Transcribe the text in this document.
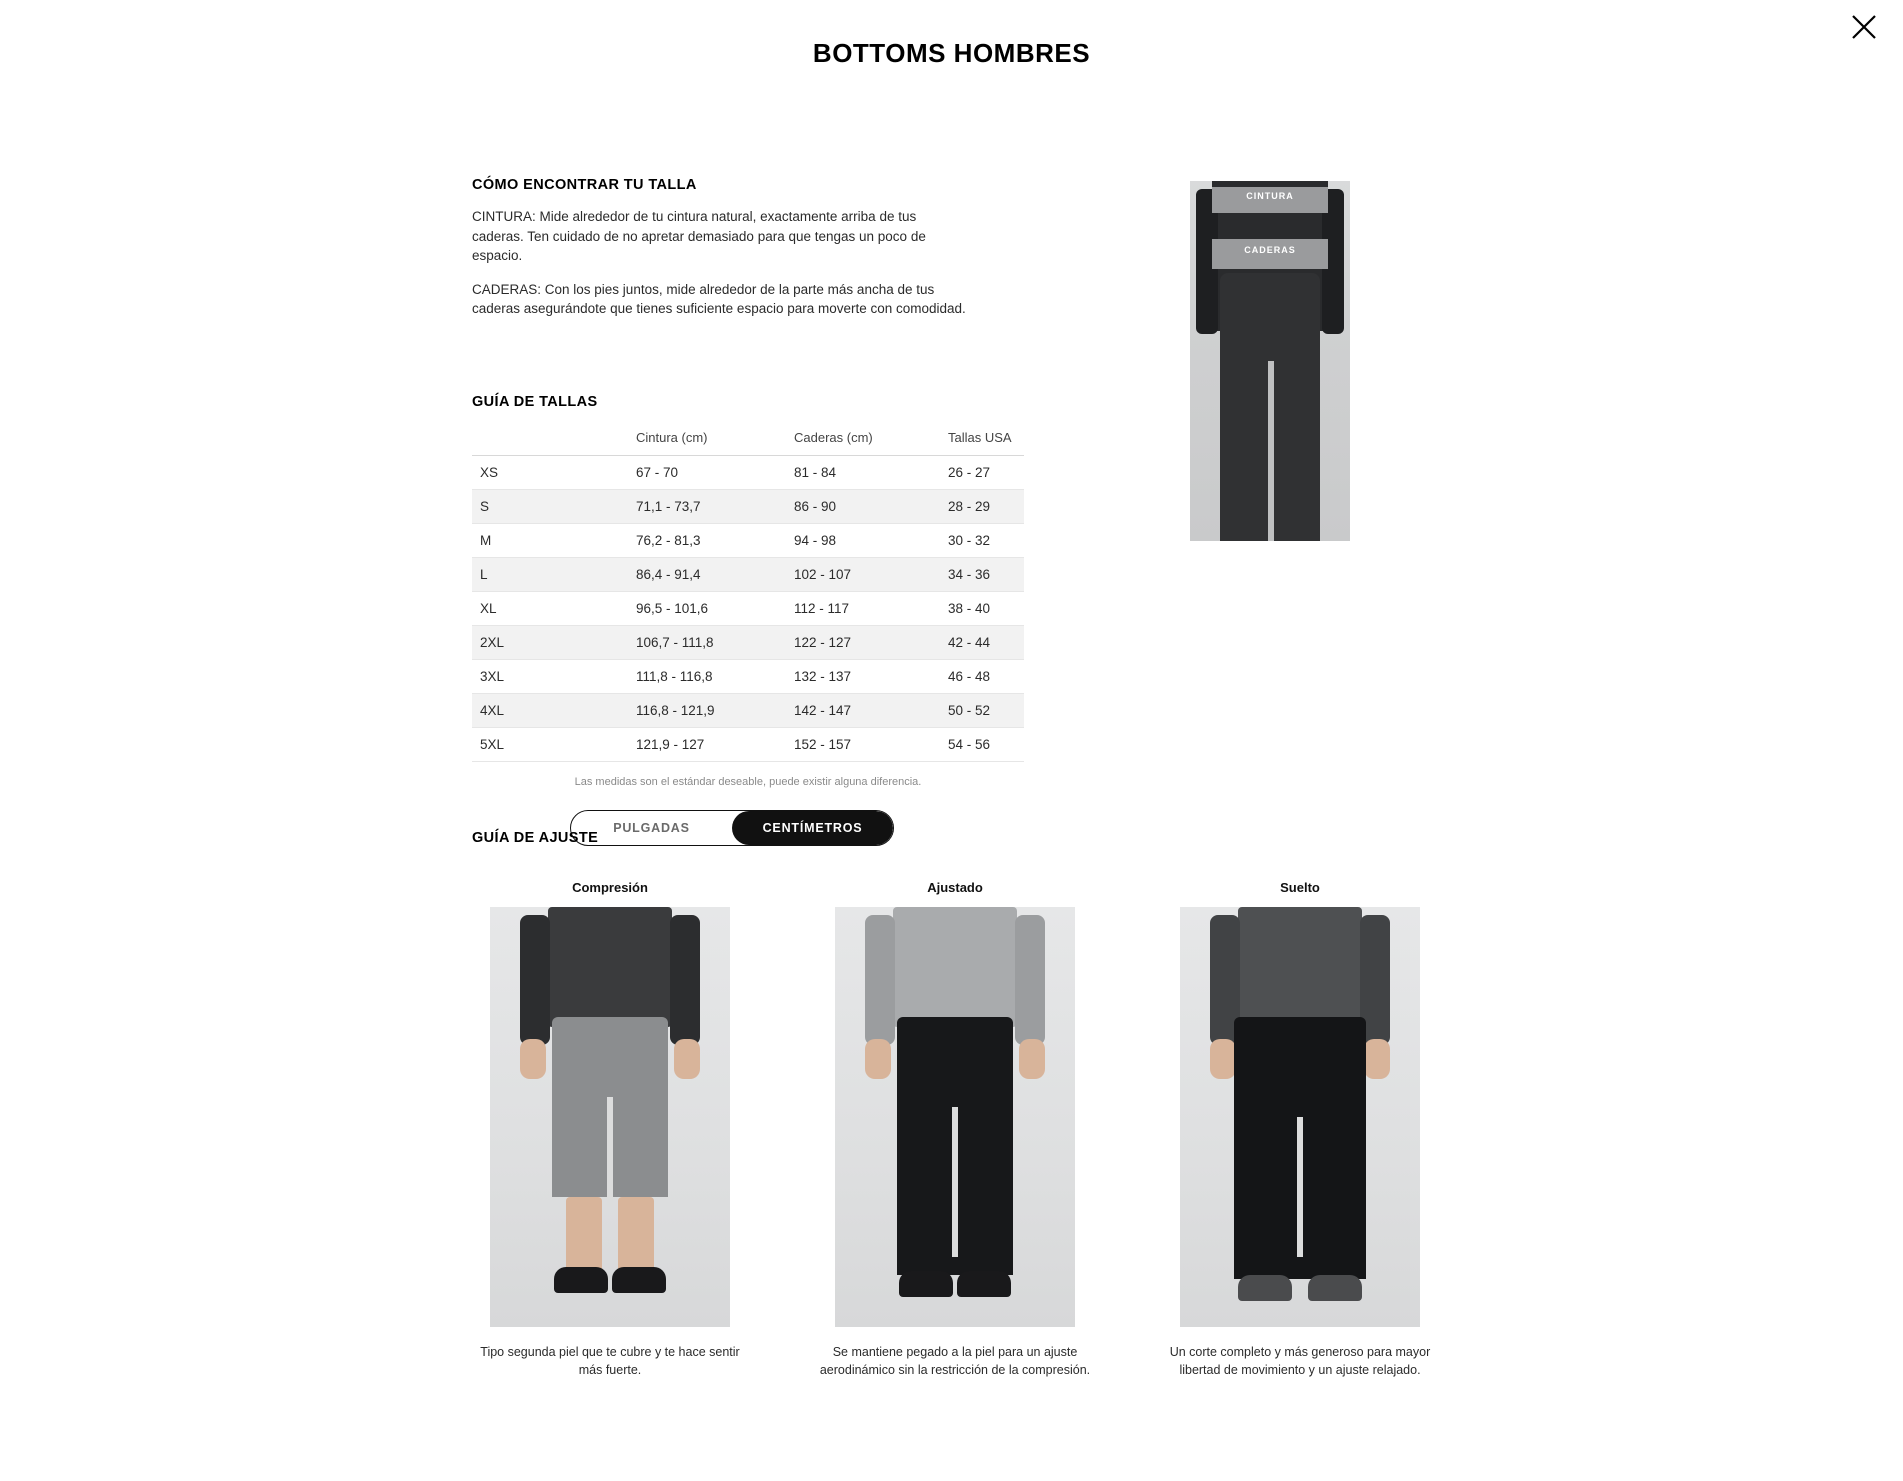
BOTTOMS HOMBRES
CÓMO ENCONTRAR TU TALLA

CINTURA: Mide alrededor de tu cintura natural, exactamente arriba de tus caderas. Ten cuidado de no apretar demasiado para que tengas un poco de espacio.

CADERAS: Con los pies juntos, mide alrededor de la parte más ancha de tus caderas asegurándote que tienes suficiente espacio para moverte con comodidad.

CINTURA
CADERAS
GUÍA DE TALLAS
	Cintura (cm)	Caderas (cm)	Tallas USA
XS	67 - 70	81 - 84	26 - 27
S	71,1 - 73,7	86 - 90	28 - 29
M	76,2 - 81,3	94 - 98	30 - 32
L	86,4 - 91,4	102 - 107	34 - 36
XL	96,5 - 101,6	112 - 117	38 - 40
2XL	106,7 - 111,8	122 - 127	42 - 44
3XL	111,8 - 116,8	132 - 137	46 - 48
4XL	116,8 - 121,9	142 - 147	50 - 52
5XL	121,9 - 127	152 - 157	54 - 56
Las medidas son el estándar deseable, puede existir alguna diferencia.
PULGADAS	CENTÍMETROS
GUÍA DE AJUSTE
Compresión
Tipo segunda piel que te cubre y te hace sentir más fuerte.
Ajustado
Se mantiene pegado a la piel para un ajuste aerodinámico sin la restricción de la compresión.
Suelto
Un corte completo y más generoso para mayor libertad de movimiento y un ajuste relajado.
